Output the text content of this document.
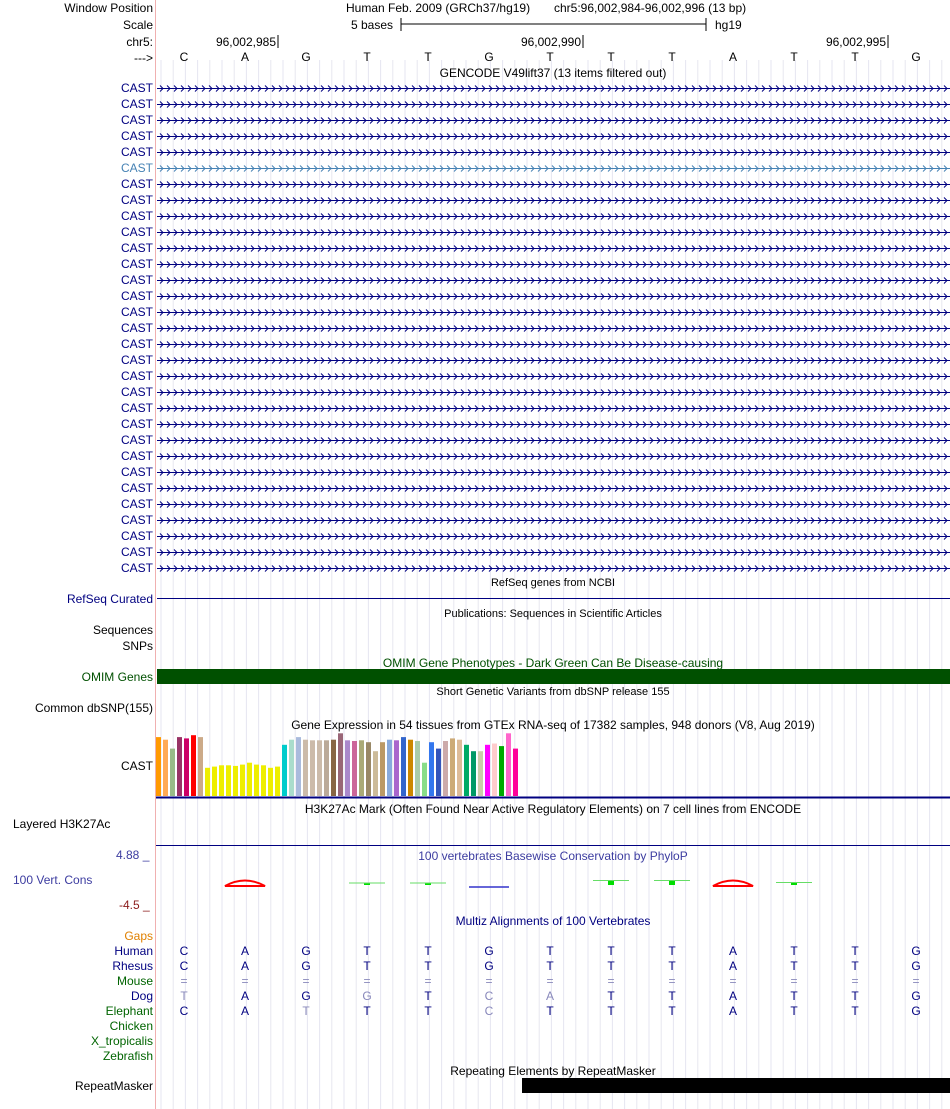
Window Position
Scale
chr5:
--->
Human Feb. 2009 (GRCh37/hg19) chr5:96,002,984-96,002,996 (13 bp)
5 bases	hg19
96,002,985	96,002,990	96,002,995
C	A	G	T	T	G	T	T	T	A	T	T	G
GENCODE V49lift37 (13 items filtered out)
CAST
CAST
CAST
CAST
CAST
CAST
CAST
CAST
CAST
CAST
CAST
CAST
CAST
CAST
CAST
CAST
CAST
CAST
CAST
CAST
CAST
CAST
CAST
CAST
CAST
CAST
CAST
CAST
CAST
CAST
CAST
RefSeq genes from NCBI
RefSeq Curated
Publications: Sequences in Scientific Articles
Sequences
SNPs
OMIM Gene Phenotypes - Dark Green Can Be Disease-causing
OMIM Genes
Short Genetic Variants from dbSNP release 155
Common dbSNP(155)
Gene Expression in 54 tissues from GTEx RNA-seq of 17382 samples, 948 donors (V8, Aug 2019)
CAST
H3K27Ac Mark (Often Found Near Active Regulatory Elements) on 7 cell lines from ENCODE
Layered H3K27Ac
100 vertebrates Basewise Conservation by PhyloP
4.88 _
100 Vert. Cons
-4.5 _
Multiz Alignments of 100 Vertebrates
Gaps
Human	C	A	G	T	T	G	T	T	T	A	T	T	G
Rhesus	C	A	G	T	T	G	T	T	T	A	T	T	G
Mouse	=	=	=	=	=	=	=	=	=	=	=	=	=
Dog	T	A	G	G	T	C	A	T	T	A	T	T	G
Elephant	C	A	T	T	T	C	T	T	T	A	T	T	G
Chicken
X_tropicalis
Zebrafish
Repeating Elements by RepeatMasker
RepeatMasker
